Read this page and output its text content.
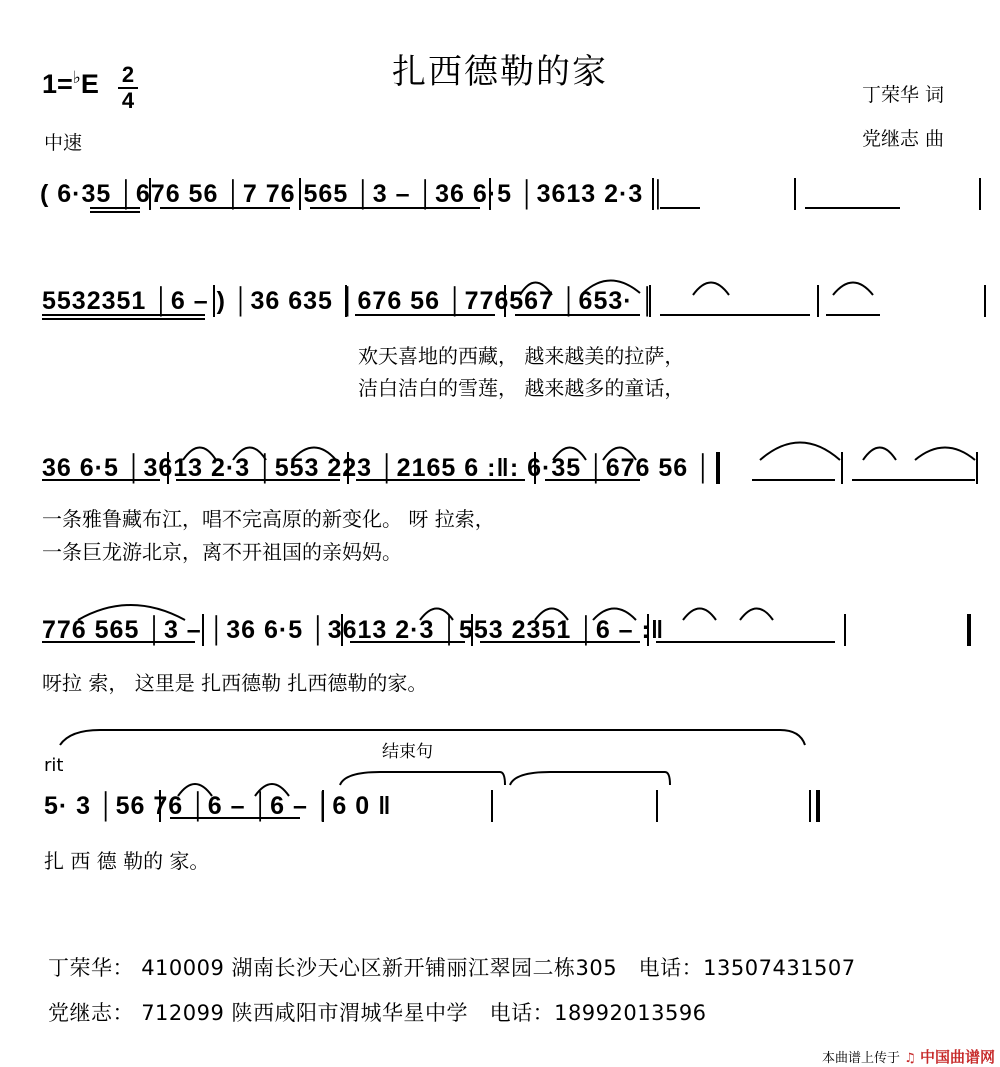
扎西德勒的家
1=♭E 2
4
中速
丁荣华 词
党继志 曲
( 6·35 │676 56 │7 76 565 │3 – │36 6·5 │3613 2·3 │
5532351 │6 – ) │36 635 │676 56 │776567 │653· │
欢天喜地的西藏， 越来越美的拉萨，
洁白洁白的雪莲， 越来越多的童话，
36 6·5 │3613 2·3 │553 223 │2165 6 :‖: 6·35 │676 56 │
一条雅鲁藏布江，唱不完高原的新变化。 呀 拉索，
一条巨龙游北京，离不开祖国的亲妈妈。
776 565 │3 – │36 6·5 │3613 2·3 │553 2351 │6 – :‖
呀拉 索， 这里是 扎西德勒 扎西德勒的家。
结束句
rit
5· 3 │56 76 │6 – │6 – │6 0 ‖
扎 西 德 勒的 家。
丁荣华： 410009 湖南长沙天心区新开铺丽江翠园二栋305 电话：13507431507
党继志： 712099 陕西咸阳市渭城华星中学 电话：18992013596
本曲谱上传于 ♫ 中国曲谱网
